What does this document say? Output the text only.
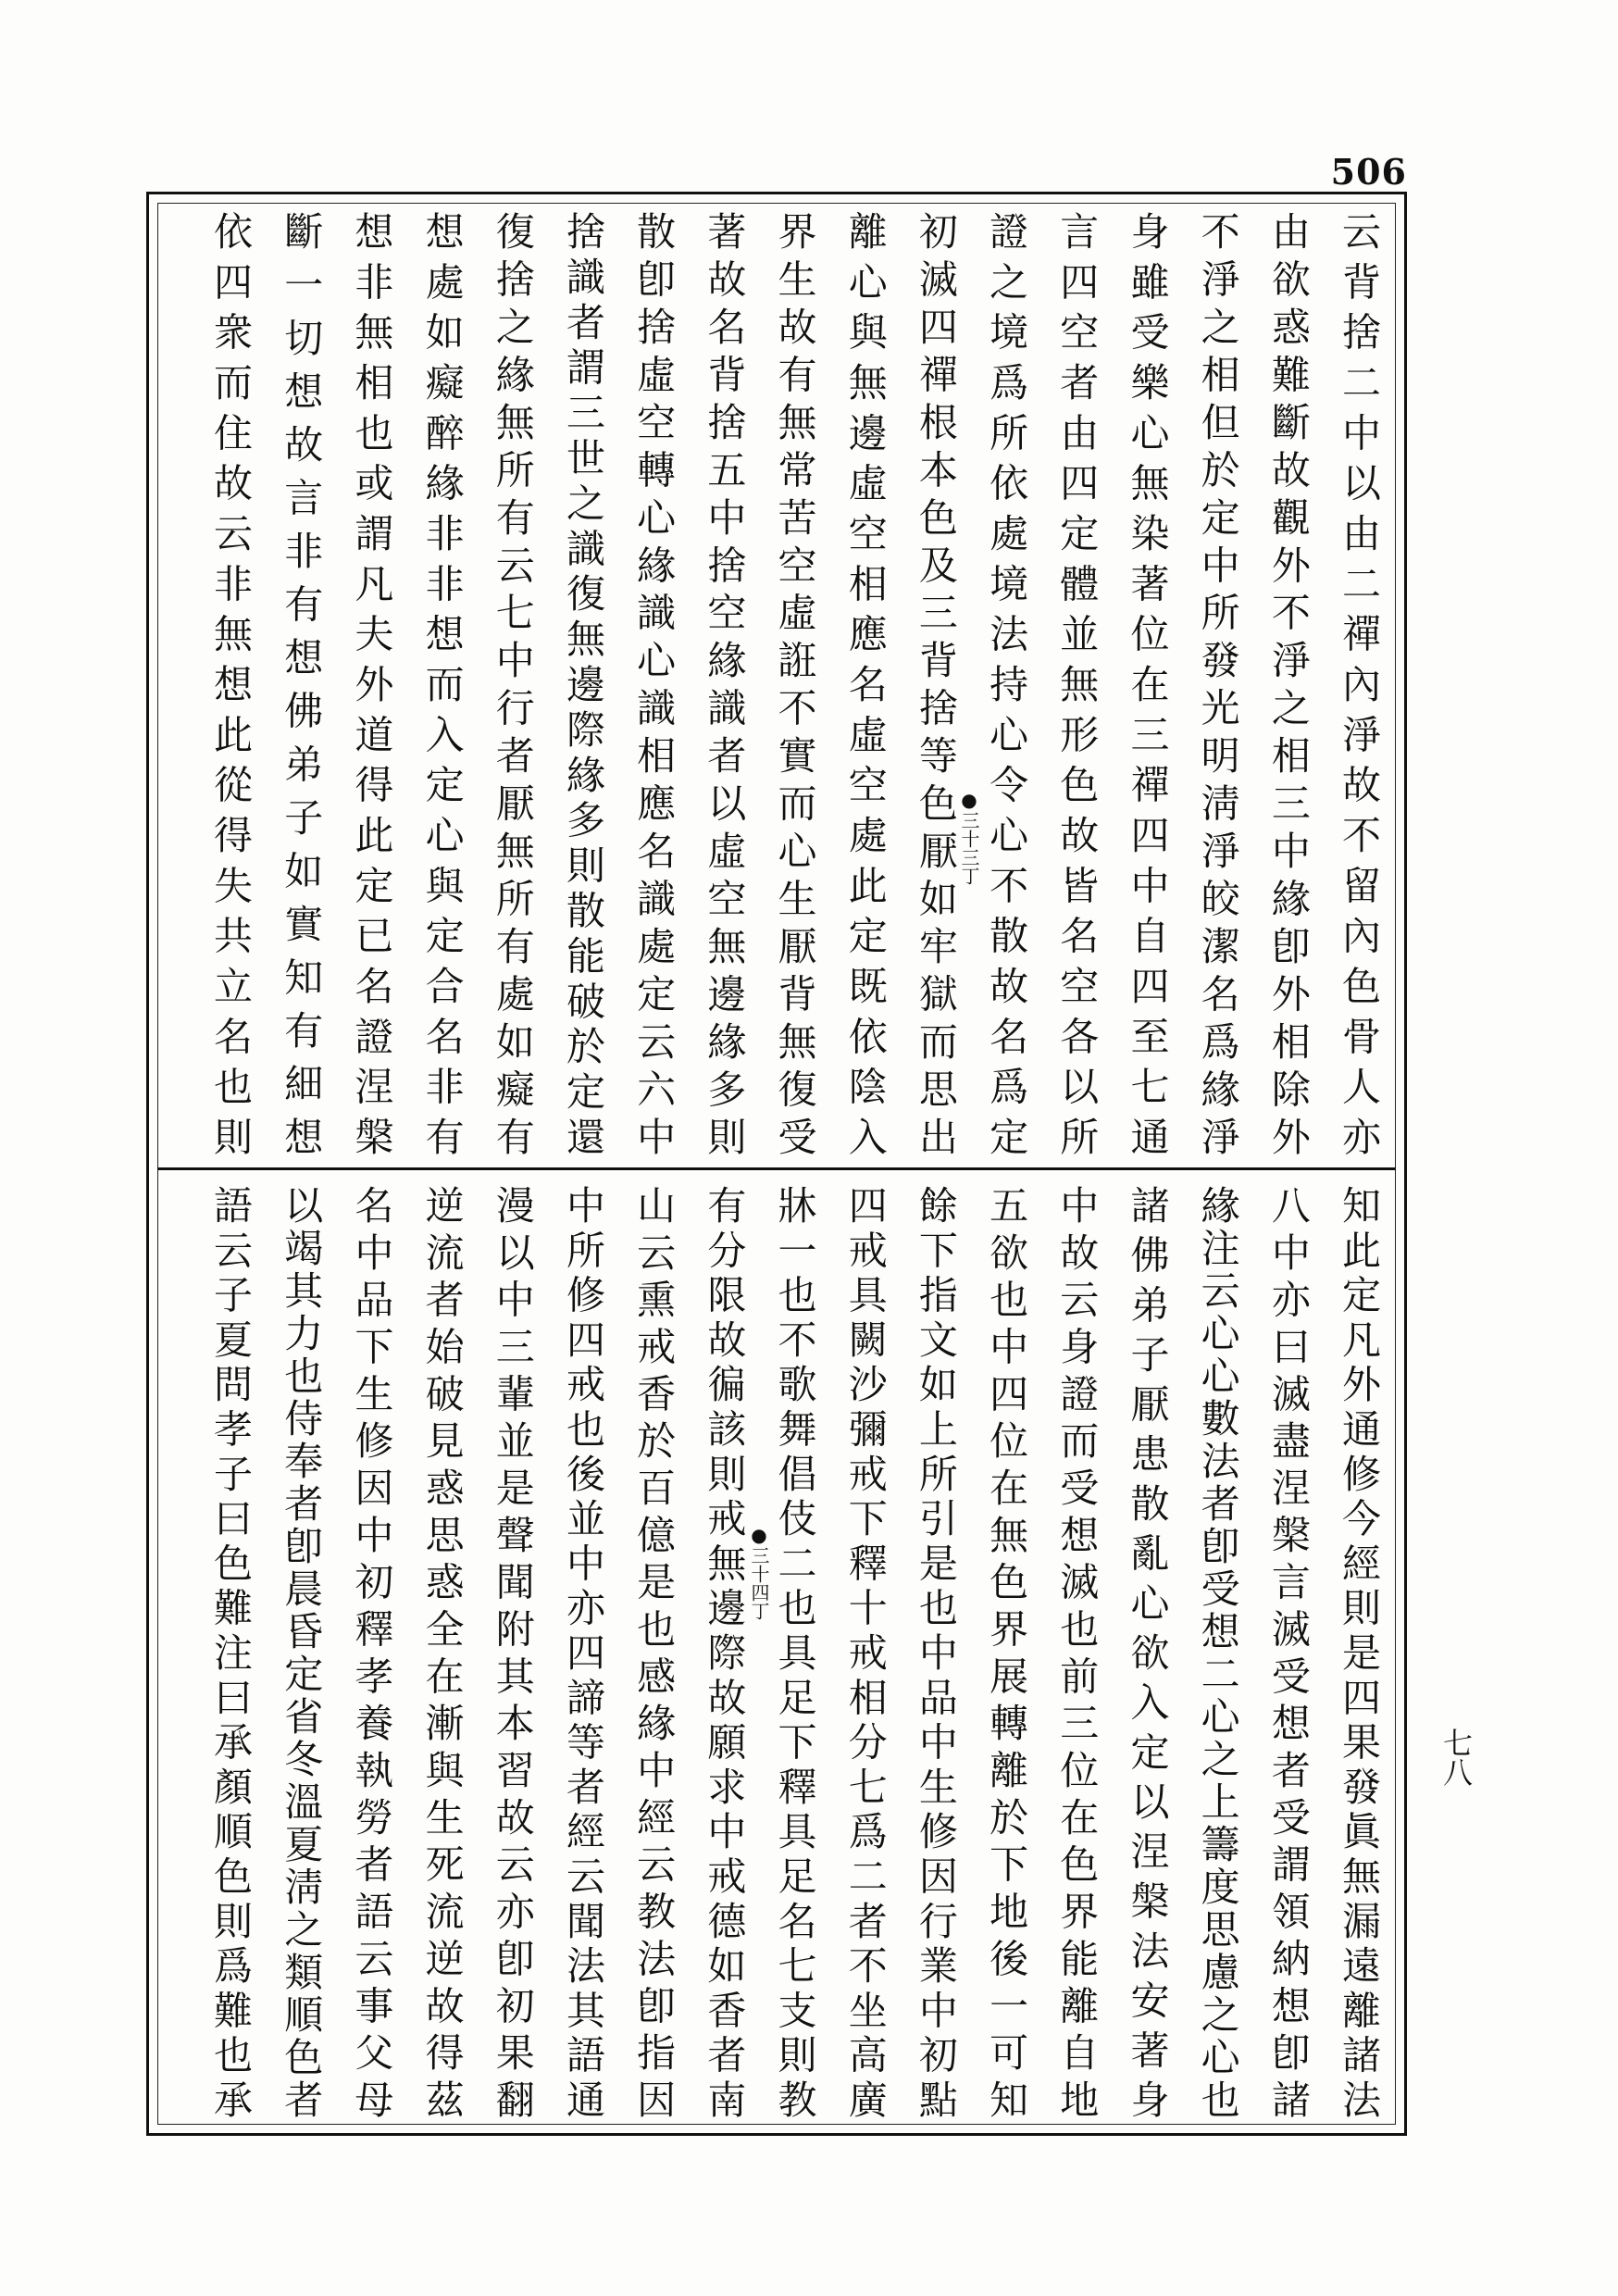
506
云背捨二中以由二禪內淨故不留內色骨人亦
由欲惑難斷故觀外不淨之相三中緣卽外相除外
不淨之相但於定中所發光明淸淨皎潔名爲緣淨
身雖受樂心無染著位在三禪四中自四至七通
言四空者由四定體並無形色故皆名空各以所
證之境爲所依處境法持心令心不散故名爲定
初滅四禪根本色及三背捨等色厭如牢獄而思出
離心與無邊虛空相應名虛空處此定既依陰入
界生故有無常苦空虛誑不實而心生厭背無復受
著故名背捨五中捨空緣識者以虛空無邊緣多則
散卽捨虛空轉心緣識心識相應名識處定云六中
捨識者謂三世之識復無邊際緣多則散能破於定還
復捨之緣無所有云七中行者厭無所有處如癡有
想處如癡醉緣非非想而入定心與定合名非有
想非無相也或謂凡夫外道得此定已名證涅槃
斷一切想故言非有想佛弟子如實知有細想
依四衆而住故云非無想此從得失共立名也則	●三十三丁
知此定凡外通修今經則是四果發眞無漏遠離諸法
八中亦曰滅盡涅槃言滅受想者受謂領納想卽諸
緣注云心心數法者卽受想二心之上籌度思慮之心也
諸佛弟子厭患散亂心欲入定以涅槃法安著身
中故云身證而受想滅也前三位在色界能離自地
五欲也中四位在無色界展轉離於下地後一可知
餘下指文如上所引是也中品中生修因行業中初點
四戒具闕沙彌戒下釋十戒相分七爲二者不坐高廣
牀一也不歌舞倡伎二也具足下釋具足名七支則教
有分限故徧該則戒無邊際故願求中戒德如香者南
山云熏戒香於百億是也感緣中經云教法卽指因
中所修四戒也後並中亦四諦等者經云聞法其語通
漫以中三輩並是聲聞附其本習故云亦卽初果翻
逆流者始破見惑思惑全在漸與生死流逆故得茲
名中品下生修因中初釋孝養執勞者語云事父母
以竭其力也侍奉者卽晨昏定省冬溫夏淸之類順色者
語云子夏問孝子曰色難注曰承顏順色則爲難也承	●三十四丁
七八
